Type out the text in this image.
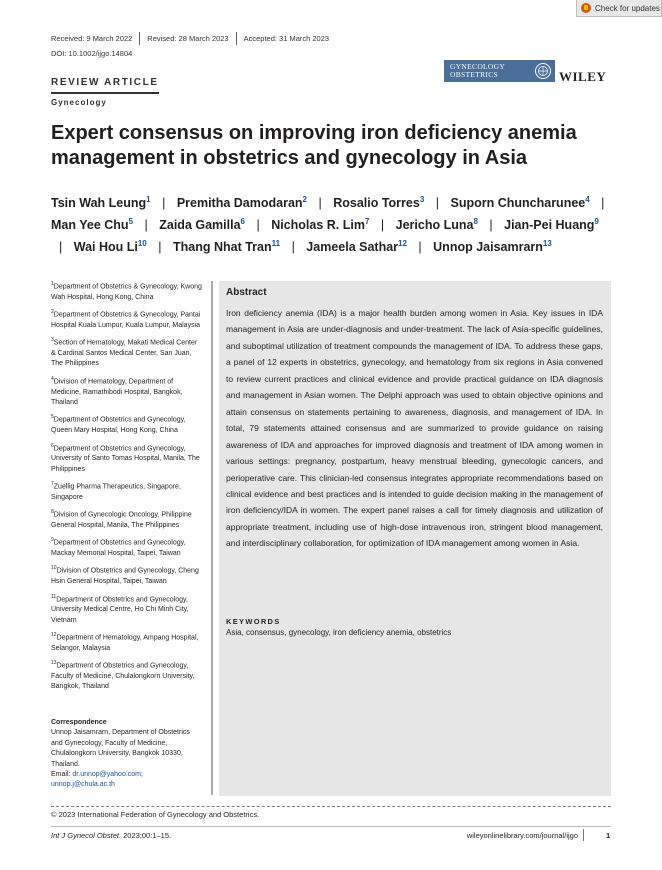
Check for updates
Received: 9 March 2022 Revised: 28 March 2023 Accepted: 31 March 2023
DOI: 10.1002/ijgo.14804
REVIEW ARTICLE
Gynecology
GYNECOLOGY
OBSTETRICS	WILEY
Expert consensus on improving iron deficiency anemia management in obstetrics and gynecology in Asia
Tsin Wah Leung$^1$ | Premitha Damodaran$^2$ | Rosalio Torres$^3$ | Suporn Chuncharunee$^4$ | Man Yee Chu$^5$ | Zaida Gamilla$^6$ | Nicholas R. Lim$^7$ | Jericho Luna$^8$ | Jian-Pei Huang$^9$ | Wai Hou Li$^{10}$ | Thang Nhat Tran$^{11}$ | Jameela Sathar$^{12}$ | Unnop Jaisamrarn$^{13}$
$^1$Department of Obstetrics & Gynecology, Kwong Wah Hospital, Hong Kong, China
$^2$Department of Obstetrics & Gynecology, Pantai Hospital Kuala Lumpur, Kuala Lumpur, Malaysia
$^3$Section of Hematology, Makati Medical Center & Cardinal Santos Medical Center, San Juan, The Philippines
$^4$Division of Hematology, Department of Medicine, Ramathibodi Hospital, Bangkok, Thailand
$^5$Department of Obstetrics and Gynecology, Queen Mary Hospital, Hong Kong, China
$^6$Department of Obstetrics and Gynecology, University of Santo Tomas Hospital, Manila, The Philippines
$^7$Zuellig Pharma Therapeutics, Singapore, Singapore
$^8$Division of Gynecologic Oncology, Philippine General Hospital, Manila, The Philippines
$^9$Department of Obstetrics and Gynecology, Mackay Memorial Hospital, Taipei, Taiwan
$^{10}$Division of Obstetrics and Gynecology, Cheng Hsin General Hospital, Taipei, Taiwan
$^{11}$Department of Obstetrics and Gynecology, University Medical Centre, Ho Chi Minh City, Vietnam
$^{12}$Department of Hematology, Ampang Hospital, Selangor, Malaysia
$^{13}$Department of Obstetrics and Gynecology, Faculty of Medicine, Chulalongkorn University, Bangkok, Thailand
Correspondence
Unnop Jaisamrarn, Department of Obstetrics and Gynecology, Faculty of Medicine, Chulalongkorn University, Bangkok 10330, Thailand.
Email: dr.unnop@yahoo.com; unnop.j@chula.ac.th
Abstract
Iron deficiency anemia (IDA) is a major health burden among women in Asia. Key issues in IDA management in Asia are under-diagnosis and under-treatment. The lack of Asia-specific guidelines, and suboptimal utilization of treatment compounds the management of IDA. To address these gaps, a panel of 12 experts in obstetrics, gynecology, and hematology from six regions in Asia convened to review current practices and clinical evidence and provide practical guidance on IDA diagnosis and management in Asian women. The Delphi approach was used to obtain objective opinions and attain consensus on statements pertaining to awareness, diagnosis, and management of IDA. In total, 79 statements attained consensus and are summarized to provide guidance on raising awareness of IDA and approaches for improved diagnosis and treatment of IDA among women in various settings: pregnancy, postpartum, heavy menstrual bleeding, gynecologic cancers, and perioperative care. This clinician-led consensus integrates appropriate recommendations based on clinical evidence and best practices and is intended to guide decision making in the management of iron deficiency/IDA in women. The expert panel raises a call for timely diagnosis and utilization of appropriate treatment, including use of high-dose intravenous iron, stringent blood management, and interdisciplinary collaboration, for optimization of IDA management among women in Asia.
KEYWORDS
Asia, consensus, gynecology, iron deficiency anemia, obstetrics
© 2023 International Federation of Gynecology and Obstetrics.
Int J Gynecol Obstet. 2023;00:1–15.	wileyonlinelibrary.com/journal/ijgo	1
